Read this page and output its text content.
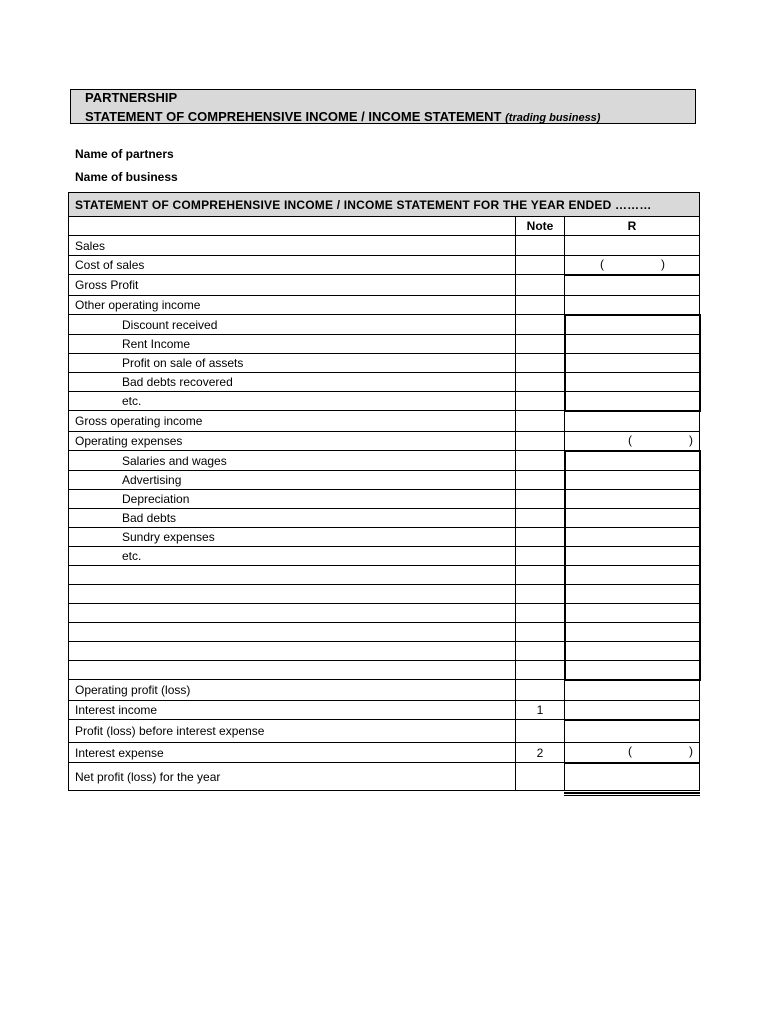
PARTNERSHIP
STATEMENT OF COMPREHENSIVE INCOME / INCOME STATEMENT (trading business)
Name of partners
Name of business
STATEMENT OF COMPREHENSIVE INCOME / INCOME STATEMENT FOR THE YEAR ENDED ………		
	Note	R
Sales		
Cost of sales		( )

Gross Profit		
Other operating income		
Discount received		
Rent Income		
Profit on sale of assets		
Bad debts recovered		
etc.		
Gross operating income		
Operating expenses		( )

Salaries and wages		
Advertising		
Depreciation		
Bad debts		
Sundry expenses		
etc.		

Operating profit (loss)		
Interest income	1	
Profit (loss) before interest expense		
Interest expense	2	( )

Net profit (loss) for the year		
